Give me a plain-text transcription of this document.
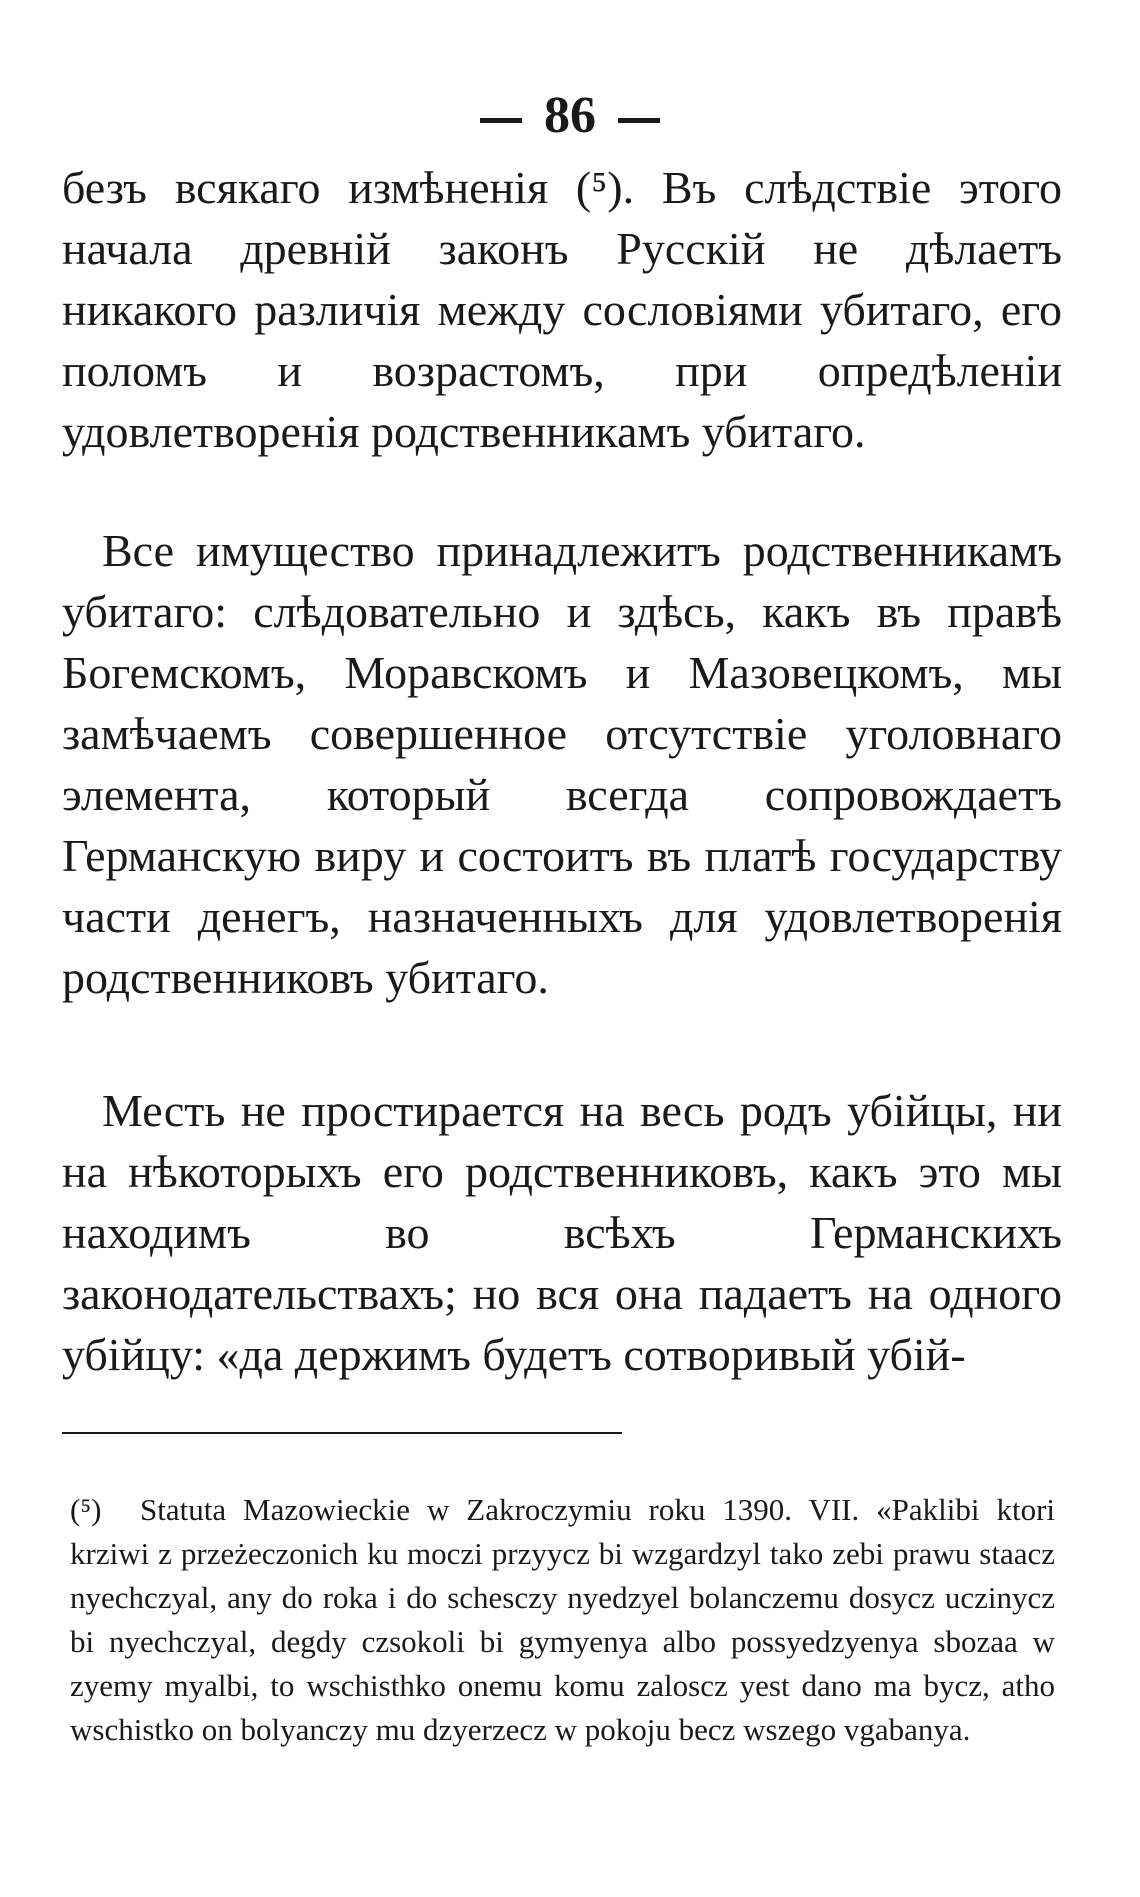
86

безъ всякаго измѣненія (⁵). Въ слѣдствіе этого начала древній законъ Русскій не дѣлаетъ никакого различія между сословіями убитаго, его поломъ и возрастомъ, при опредѣленіи удовлетворенія родственникамъ убитаго.

Все имущество принадлежитъ родственникамъ убитаго: слѣдовательно и здѣсь, какъ въ правѣ Богемскомъ, Моравскомъ и Мазовецкомъ, мы замѣчаемъ совершенное отсутствіе уголовнаго элемента, который всегда сопровождаетъ Германскую виру и состоитъ въ платѣ государству части денегъ, назначенныхъ для удовлетворенія родственниковъ убитаго.

Месть не простирается на весь родъ убійцы, ни на нѣкоторыхъ его родственниковъ, какъ это мы находимъ во всѣхъ Германскихъ законодательствахъ; но вся она падаетъ на одного убійцу: «да держимъ будетъ сотворивый убій-

(⁵) Statuta Mazowieckie w Zakroczymiu roku 1390. VII. «Paklibi ktori krziwi z przeżeczonich ku moczi przyycz bi wzgardzyl tako zebi prawu staacz nyechczyal, any do roka i do schesczy nyedzyel bolanczemu dosycz uczinycz bi nyechczyal, degdy czsokoli bi gymyenya albo possyedzyenya sbozaa w zyemy myalbi, to wschisthko onemu komu zaloscz yest dano ma bycz, atho wschistko on bolyanczy mu dzyerzecz w pokoju becz wszego vgabanya.
